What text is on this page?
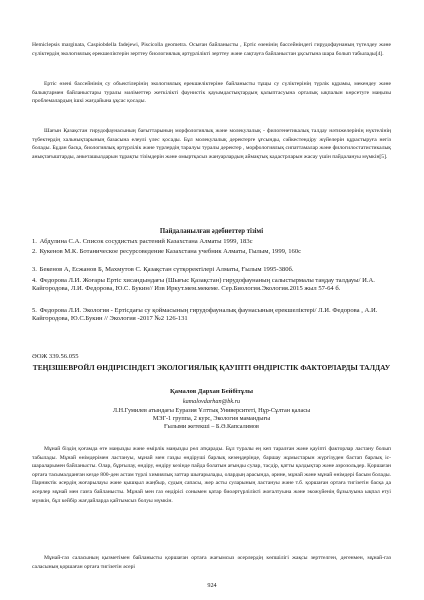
Hemiclepsis marginata, Caspiobdella fadejewi, Piscicolla geometra. Осыған байланысты , Ертіс өзенінің бассейніндегі гирудофаунаның түтелдеу және сүліктердің экологиялық ерекшеліктерін зерттеу биологиялық әртүрлілікті зерттеу және сақтауға байланыстан ұқсытына шара болып табылады[4].

Ертіс өзені бассейнінің су объектілерінің экологиялық ерекшеліктеріне байланысты тұщы су сүліктерінің түрлік құрамы, мекендеу және балықтармен байланыстары туралы мәліметтер жеткілікті фаунистік қауымдастықтардың қалыптасуына орталық ықпалын көрсетуге маңызы проблемалардың ішкі жағдайына ұқсас қосады.

Шағын Қазақстан гирудофаунасының бағыттарының морфологиялық және молекулалық - филогенетикалық талдау нәтижелерінің нүктелінің түбектердің хальнықтарының базасына елеулі үлес қосады. Бұл молекулалық деректерге ұғсынды, сәйкестендіру жүйелерін құрастыруға негіз болады. Бұдан басқа, биологиялық әртүрлілік және түрлердің таралуы туралы деректер , морфологиялық сипаттамалар және филогилостатистикалық анықтағыштарды, анкеташылдарын тұрақты тізімдерін және омыртқасыз жануарлардың аймақтық кадастрларын жасау үшін пайдалануы мүмкін[5].

Пайдаланылған әдебиеттер тізімі

1. Абдулина С.А. Список сосудистых растений Казахстана Алматы 1999, 183с

2. Кукенов М.К. Ботаническое ресурсоведение Казахстана учебник Алматы, Гылым, 1999, 160с

3. Бекенов А, Есжанов Б, Махмутов С. Қазақстан сүтқоректілері Алматы, Ғылым 1995-380б.

4. Федорова Л.И. Жоғары Ертіс хисандындағы (Шығыс Қазақстан) гирудофаунаның салыстырмалы таңдау талдауы/ И.А. Кайгородова, Л.И. Федорова, Ю.С. Букин// Изв Иркут.мем.мекеме. Сер.Биология.Экология.2015 жыл 57-64 б.

5. Федорова Л.И. Экология - Ертісдағы су қоймасының гирудофауналық фаунасының ерекшеліктері/ Л.И. Федорова , А.И. Кайгородова, Ю.С.Букин // Экология -2017 №2 126-131

ӘОЖ 339.56.055

ТЕҢІЗШЕВРОЙЛ ӨНДІРІСІНДЕГІ ЭКОЛОГИЯЛЫҚ ҚАУІПТІ ӨНДІРІСТІК ФАКТОРЛАРДЫ ТАЛДАУ

Қамалов Дархан Бейбітұлы

kamalovdarhan@bk.ru

Л.Н.Гумилев атындағы Еуразия Ұлттық Университеті, Нұр-Сұлтан қаласы
МЭГ-1 группа, 2 курс, Экология мамандығы
Ғылыми жетекші – Б.Ә.Капсалимов

Мұнай біздің қоғамда өте маңызды және өмірлік маңызды рөл атқарады. Бұл туралы ең кеп таралған және қауіпті факторлар ластану болып табылады. Мұнай өнімдерімен ластануы, мұнай мен газды өндіруші барлық кезеңдерінде, баршау жұмыстарын жүргізуден бастап барлық іс-шараларымен байланысты. Олар, бұрғылау, өндіру, өндіру кезінде пайда болатын ағынды сулар, тасдір, қатты қалдықтар және аэрозольдер. Қоршаған ортаға тасымалданған кезде 800-ден астам түрлі химиялық заттар шығарылады, олардың арасында, әрине, мұнай және мұнай өнімдері басым болады. Парниктік әсердің жоғарылауы және қышқыл жаңбыр, судың сапасы, жер асты суларының ластануы және т.б. қоршаған ортаға тигізетін басқа да әсерлер мұнай мен газға байланысты. Мұнай мен газ өндірісі сонымен қатар биоәртүрлілікті жоғалтуына және экожүйенің бұзылуына ықпал етуі мүмкін, бұл кейбір жағдайларда қайтымсыз болуы мүмкін.

Мұнай-газ саласының қызметімен байланысты қоршаған ортаға жағымсыз әсерлердің көпшілігі жақсы зерттелген, дегенмен, мұнай-газ саласының қоршаған ортаға тигізетін әсері

924
